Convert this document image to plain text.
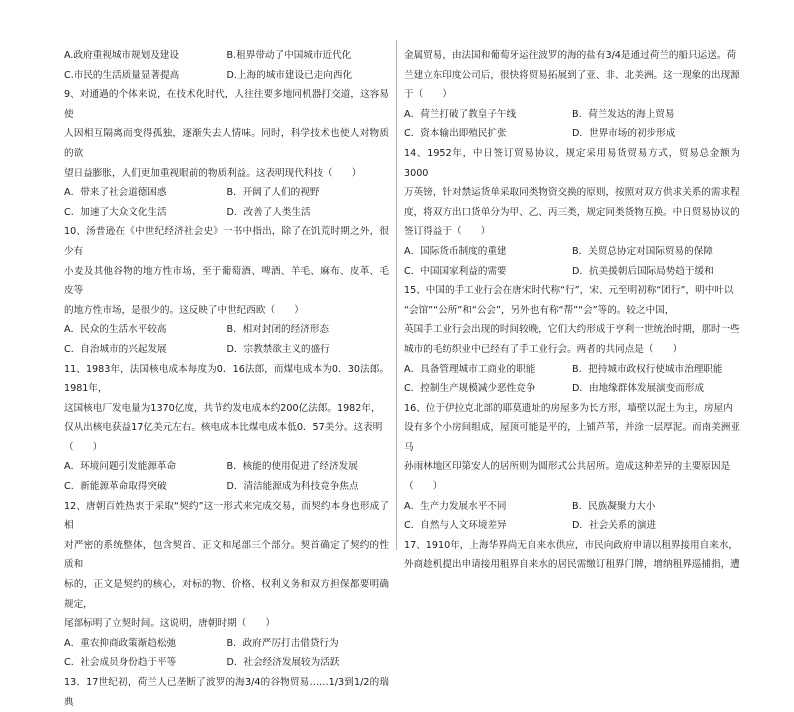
A.政府重视城市规划及建设	B.租界带动了中国城市近代化
C.市民的生活质量显著提高	D.上海的城市建设已走向西化
9、对通過的个体来说，在技术化时代，人往往要多地同机器打交道，这容易使
人因相互隔离而变得孤独，逐渐失去人情味。同时，科学技术也使人对物质的欲
望日益膨胀，人们更加重视眼前的物质利益。这表明现代科技（　　）
A．带来了社会道德困惑	B．开阔了人们的视野
C．加速了大众文化生活	D．改善了人类生活
10、汤普逊在《中世纪经济社会史》一书中指出，除了在饥荒时期之外，很少有
小麦及其他谷物的地方性市场，至于葡萄酒、啤酒、羊毛、麻布、皮革、毛皮等
的地方性市场，是很少的。这反映了中世纪西欧（　　）
A．民众的生活水平较高	B．相对封闭的经济形态
C．自治城市的兴起发展	D．宗教禁欲主义的盛行
11、1983年，法国核电成本每度为0．16法郎，而煤电成本为0．30法郎。1981年，
这国核电厂发电量为1370亿度，共节约发电成本约200亿法郎。1982年，
仅从出核电获益17亿美元左右。核电成本比煤电成本低0．57美分。这表明
（　　）
A．环境问题引发能源革命	B．核能的使用促进了经济发展
C．新能源革命取得突破	D．清洁能源成为科技竞争焦点
12、唐朝百姓热衷于采取“契约”这一形式来完成交易，而契约本身也形成了相
对严密的系统整体，包含契首、正文和尾部三个部分。契首确定了契约的性质和
标的，正文是契约的核心，对标的物、价格、权利义务和双方担保都要明确规定，
尾部标明了立契时间。这说明，唐朝时期（　　）
A．重农抑商政策渐趋松弛	B．政府严厉打击借贷行为
C．社会成员身份趋于平等	D．社会经济发展较为活跃
13．17世纪初，荷兰人已垄断了波罗的海3/4的谷物贸易……1/3到1/2的瑞典
金属贸易，由法国和葡萄牙运往波罗的海的盐有3/4是通过荷兰的船只运送。荷
兰建立东印度公司后，很快将贸易拓展到了亚、非、北美洲。这一现象的出现源
于（　　）
A．荷兰打破了教皇子午线	B．荷兰发达的海上贸易
C．资本输出即殖民扩张	D．世界市场的初步形成
14、1952年，中日签订贸易协议，规定采用易货贸易方式，贸易总金额为3000
万英镑，针对禁运货单采取同类物资交换的原则，按照对双方供求关系的需求程
度，将双方出口货单分为甲、乙、丙三类，规定同类货物互换。中日贸易协议的
签订得益于（　　）
A．国际货币制度的重建	B．关贸总协定对国际贸易的保障
C．中国国家利益的需要	D．抗美援朝后国际局势趋于缓和
15、中国的手工业行会在唐宋时代称“行”，宋、元至明初称“团行”，明中叶以
“会馆”“公所”和“公会”，另外也有称“帮”“会”等的。较之中国，
英国手工业行会出现的时间较晚，它们大约形成于亨利一世统治时期，那时一些
城市的毛纺织业中已经有了手工业行会。两者的共同点是（　　）
A．具备管理城市工商业的职能	B．把持城市政权行使城市治理职能
C．控制生产规模减少恶性竞争	D．由地缘群体发展演变而形成
16、位于伊拉克北部的耶莫遗址的房屋多为长方形，墙壁以泥土为主，房屋内
设有多个小房间组成，屋顶可能是平的，上铺芦苇，并涂一层厚泥。而南美洲亚马
孙雨林地区印第安人的居所则为圆形式公共居所。造成这种差异的主要原因是
（　　）
A．生产力发展水平不同	B．民族凝聚力大小
C．自然与人文环境差异	D．社会关系的演进
17、1910年，上海华界尚无自来水供应，市民向政府申请以租界接用自来水，
外商趁机提出申请接用租界自来水的居民需缴订租界门牌，增纳租界巡捕捐，遭
